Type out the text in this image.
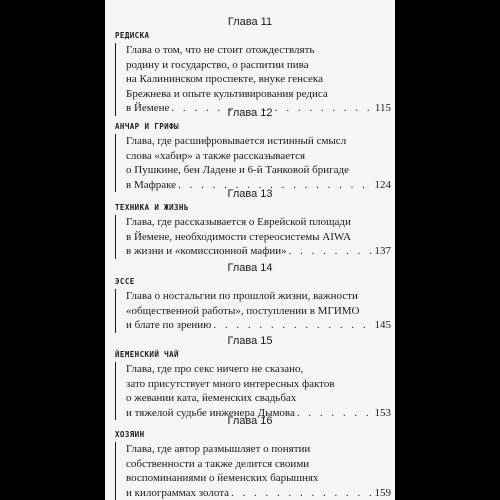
Глава 11
РЕДИСКА
Глава о том, что не стоит отождествлять
родину и государство, о распитии пива
на Калининском проспекте, внуке генсека
Брежнева и опыте культивирования редиса
в Йемене . . .	115
Глава 12
АНЧАР И ГРИФЫ
Глава, где расшифровывается истинный смысл
слова «хабир» а также рассказывается
о Пушкине, бен Ладене и 6-й Танковой бригаде
в Мафраке . . .	124
Глава 13
ТЕХНИКА И ЖИЗНЬ
Глава, где рассказывается о Еврейской площади
в Йемене, необходимости стереосистемы AIWA
в жизни и «комиссионной мафии» . . .	137
Глава 14
ЭССЕ
Глава о ностальгии по прошлой жизни, важности
«общественной работы», поступлении в МГИМО
и блате по зрению . . .	145
Глава 15
ЙЕМЕНСКИЙ ЧАЙ
Глава, где про секс ничего не сказано,
зато присутствует много интересных фактов
о жевании ката, йеменских свадьбах
и тяжелой судьбе инженера Дымова . . .	153
Глава 16
ХОЗЯИН
Глава, где автор размышляет о понятии
собственности а также делится своими
воспоминаниями о йеменских барышнях
и килограммах золота . . .	159
